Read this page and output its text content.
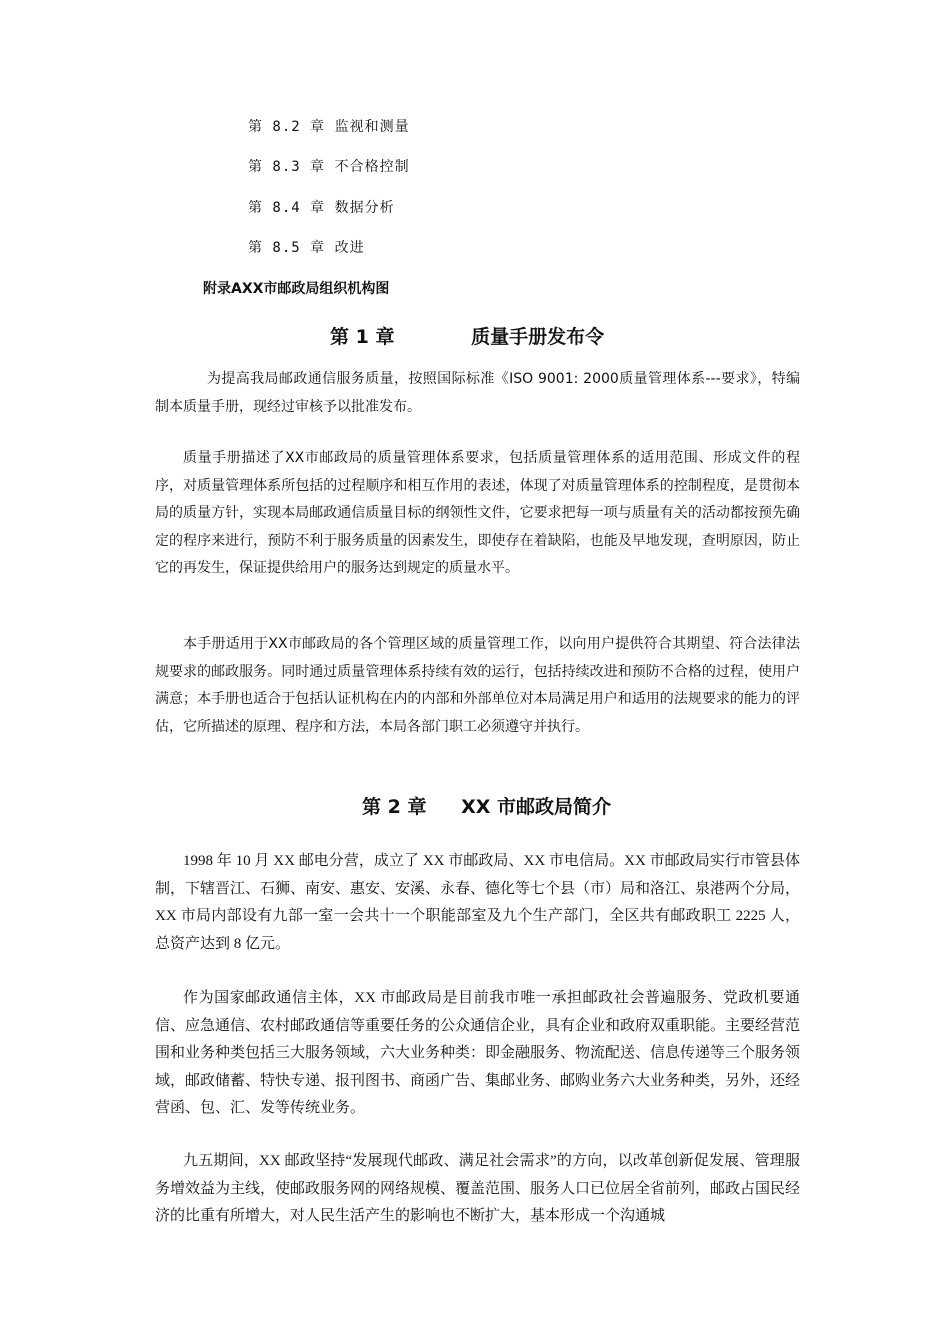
第 8.2 章 监视和测量
第 8.3 章 不合格控制
第 8.4 章 数据分析
第 8.5 章 改进
附录AXX市邮政局组织机构图
第 1 章	质量手册发布令
为提高我局邮政通信服务质量，按照国际标准《ISO 9001: 2000质量管理体系---要求》，特编制本质量手册，现经过审核予以批准发布。
质量手册描述了XX市邮政局的质量管理体系要求，包括质量管理体系的适用范围、形成文件的程序，对质量管理体系所包括的过程顺序和相互作用的表述，体现了对质量管理体系的控制程度，是贯彻本局的质量方针，实现本局邮政通信质量目标的纲领性文件，它要求把每一项与质量有关的活动都按预先确定的程序来进行，预防不利于服务质量的因素发生，即使存在着缺陷，也能及早地发现，查明原因，防止它的再发生，保证提供给用户的服务达到规定的质量水平。
本手册适用于XX市邮政局的各个管理区域的质量管理工作，以向用户提供符合其期望、符合法律法规要求的邮政服务。同时通过质量管理体系持续有效的运行，包括持续改进和预防不合格的过程，使用户满意；本手册也适合于包括认证机构在内的内部和外部单位对本局满足用户和适用的法规要求的能力的评估，它所描述的原理、程序和方法，本局各部门职工必须遵守并执行。
第 2 章 XX 市邮政局简介
1998 年 10 月 XX 邮电分营，成立了 XX 市邮政局、XX 市电信局。XX 市邮政局实行市管县体制，下辖晋江、石狮、南安、惠安、安溪、永春、德化等七个县（市）局和洛江、泉港两个分局，XX 市局内部设有九部一室一会共十一个职能部室及九个生产部门，全区共有邮政职工 2225 人，总资产达到 8 亿元。
作为国家邮政通信主体，XX 市邮政局是目前我市唯一承担邮政社会普遍服务、党政机要通信、应急通信、农村邮政通信等重要任务的公众通信企业，具有企业和政府双重职能。主要经营范围和业务种类包括三大服务领域，六大业务种类：即金融服务、物流配送、信息传递等三个服务领域，邮政储蓄、特快专递、报刊图书、商函广告、集邮业务、邮购业务六大业务种类，另外，还经营函、包、汇、发等传统业务。
九五期间，XX 邮政坚持“发展现代邮政、满足社会需求”的方向，以改革创新促发展、管理服务增效益为主线，使邮政服务网的网络规模、覆盖范围、服务人口已位居全省前列，邮政占国民经济的比重有所增大，对人民生活产生的影响也不断扩大，基本形成一个沟通城
